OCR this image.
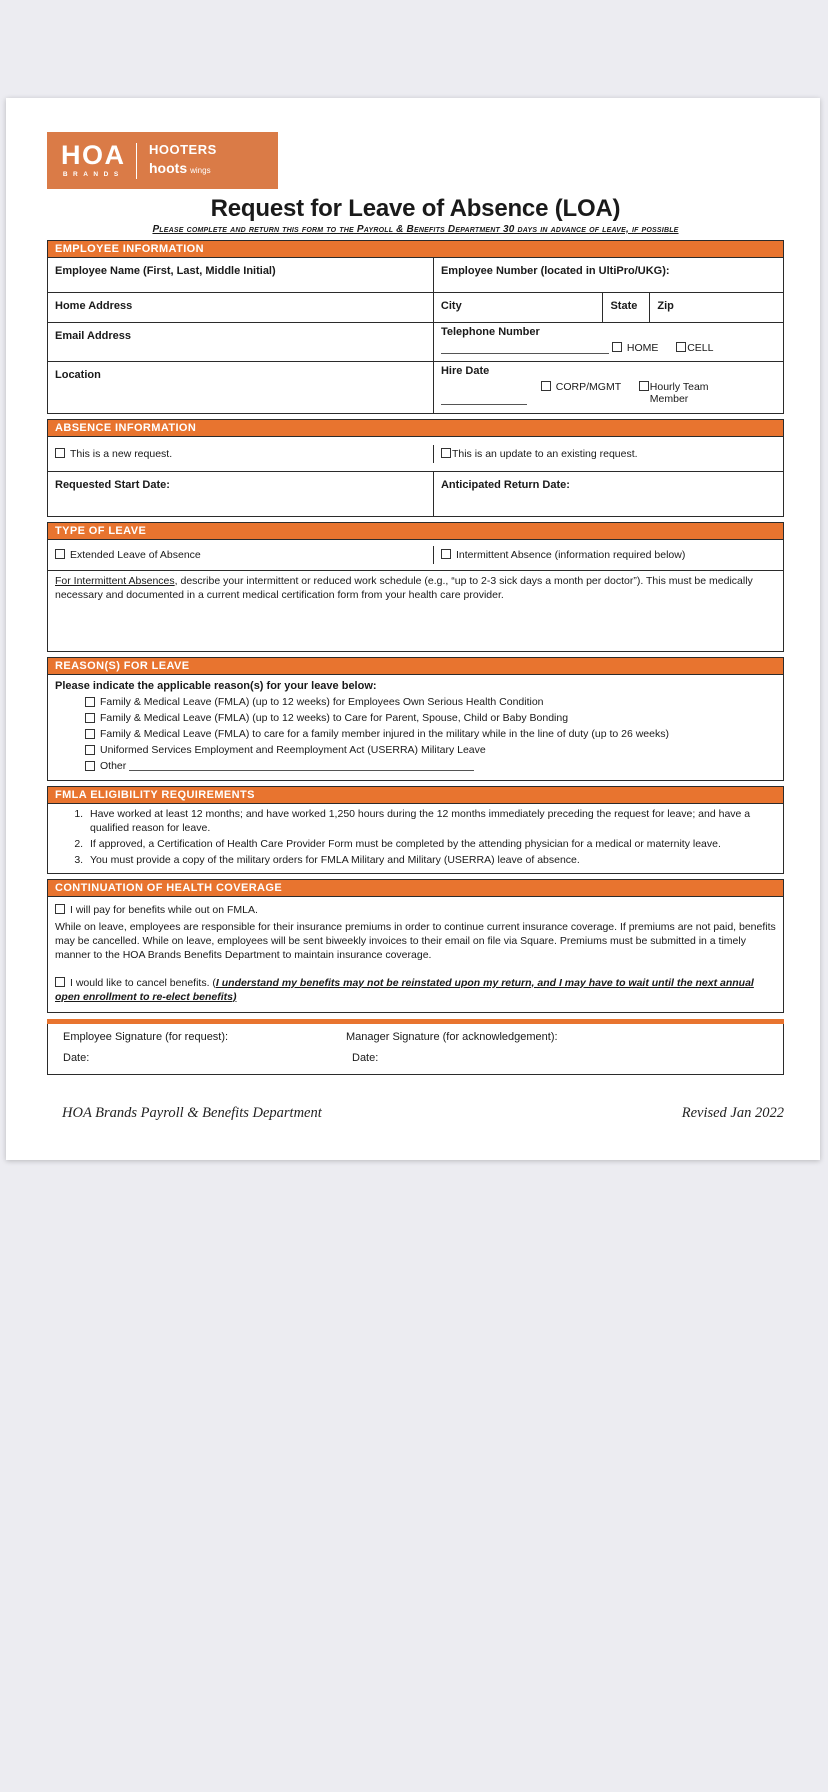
HOA
BRANDS
HOOTERS
hoots wings
Request for Leave of Absence (LOA)
Please complete and return this form to the Payroll & Benefits Department 30 days in advance of leave, if possible
EMPLOYEE INFORMATION
Employee Name (First, Last, Middle Initial)	Employee Number (located in UltiPro/UKG):
Home Address	City	State	Zip
Email Address	Telephone Number
HOME	CELL
Location	Hire Date
CORP/MGMT	Hourly Team Member
ABSENCE INFORMATION
This is a new request.	This is an update to an existing request.
Requested Start Date:	Anticipated Return Date:
TYPE OF LEAVE
Extended Leave of Absence	Intermittent Absence (information required below)
For Intermittent Absences, describe your intermittent or reduced work schedule (e.g., “up to 2-3 sick days a month per doctor”). This must be medically necessary and documented in a current medical certification form from your health care provider.
REASON(S) FOR LEAVE
Please indicate the applicable reason(s) for your leave below:
Family & Medical Leave (FMLA) (up to 12 weeks) for Employees Own Serious Health Condition
Family & Medical Leave (FMLA) (up to 12 weeks) to Care for Parent, Spouse, Child or Baby Bonding
Family & Medical Leave (FMLA) to care for a family member injured in the military while in the line of duty (up to 26 weeks)
Uniformed Services Employment and Reemployment Act (USERRA) Military Leave
Other

FMLA ELIGIBILITY REQUIREMENTS
1. Have worked at least 12 months; and have worked 1,250 hours during the 12 months immediately preceding the request for leave; and have a qualified reason for leave.
2. If approved, a Certification of Health Care Provider Form must be completed by the attending physician for a medical or maternity leave.
3. You must provide a copy of the military orders for FMLA Military and Military (USERRA) leave of absence.
CONTINUATION OF HEALTH COVERAGE
I will pay for benefits while out on FMLA.
While on leave, employees are responsible for their insurance premiums in order to continue current insurance coverage. If premiums are not paid, benefits may be cancelled. While on leave, employees will be sent biweekly invoices to their email on file via Square. Premiums must be submitted in a timely manner to the HOA Brands Benefits Department to maintain insurance coverage.
I would like to cancel benefits. (I understand my benefits may not be reinstated upon my return, and I may have to wait until the next annual open enrollment to re-elect benefits)
Employee Signature (for request):	Manager Signature (for acknowledgement):
Date:	Date:
HOA Brands Payroll & Benefits Department	Revised Jan 2022
